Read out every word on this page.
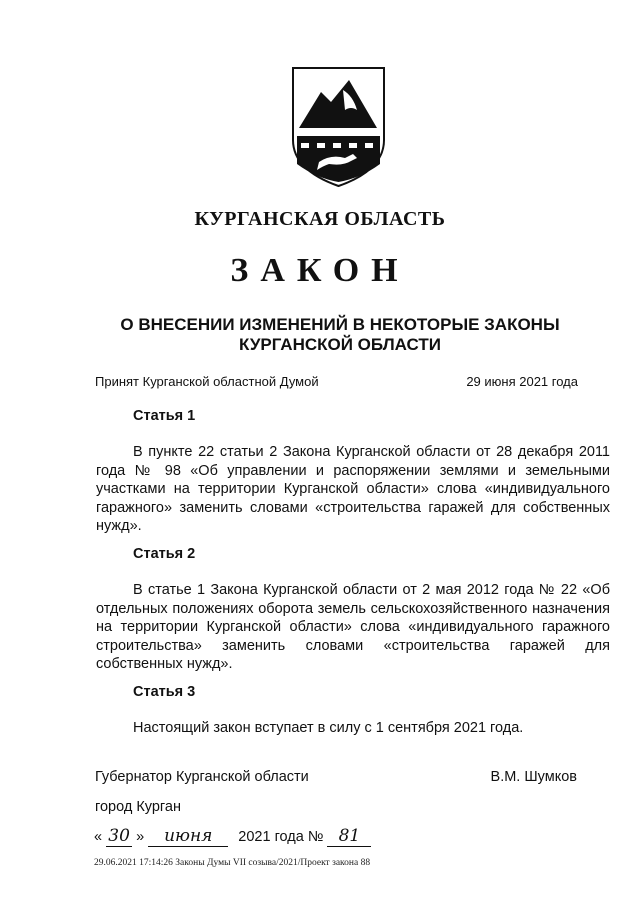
КУРГАНСКАЯ ОБЛАСТЬ
ЗАКОН
О ВНЕСЕНИИ ИЗМЕНЕНИЙ В НЕКОТОРЫЕ ЗАКОНЫ
КУРГАНСКОЙ ОБЛАСТИ
Принят Курганской областной Думой	29 июня 2021 года
Статья 1
В пункте 22 статьи 2 Закона Курганской области от 28 декабря 2011 года № 98 «Об управлении и распоряжении землями и земельными участками на территории Курганской области» слова «индивидуального гаражного» заменить словами «строительства гаражей для собственных нужд».
Статья 2
В статье 1 Закона Курганской области от 2 мая 2012 года № 22 «Об отдельных положениях оборота земель сельскохозяйственного назначения на территории Курганской области» слова «индивидуального гаражного строительства» заменить словами «строительства гаражей для собственных нужд».
Статья 3
Настоящий закон вступает в силу с 1 сентября 2021 года.
Губернатор Курганской области	В.М. Шумков
город Курган
« 30 » июня 2021 года № 81
29.06.2021 17:14:26 Законы Думы VII созыва/2021/Проект закона 88
